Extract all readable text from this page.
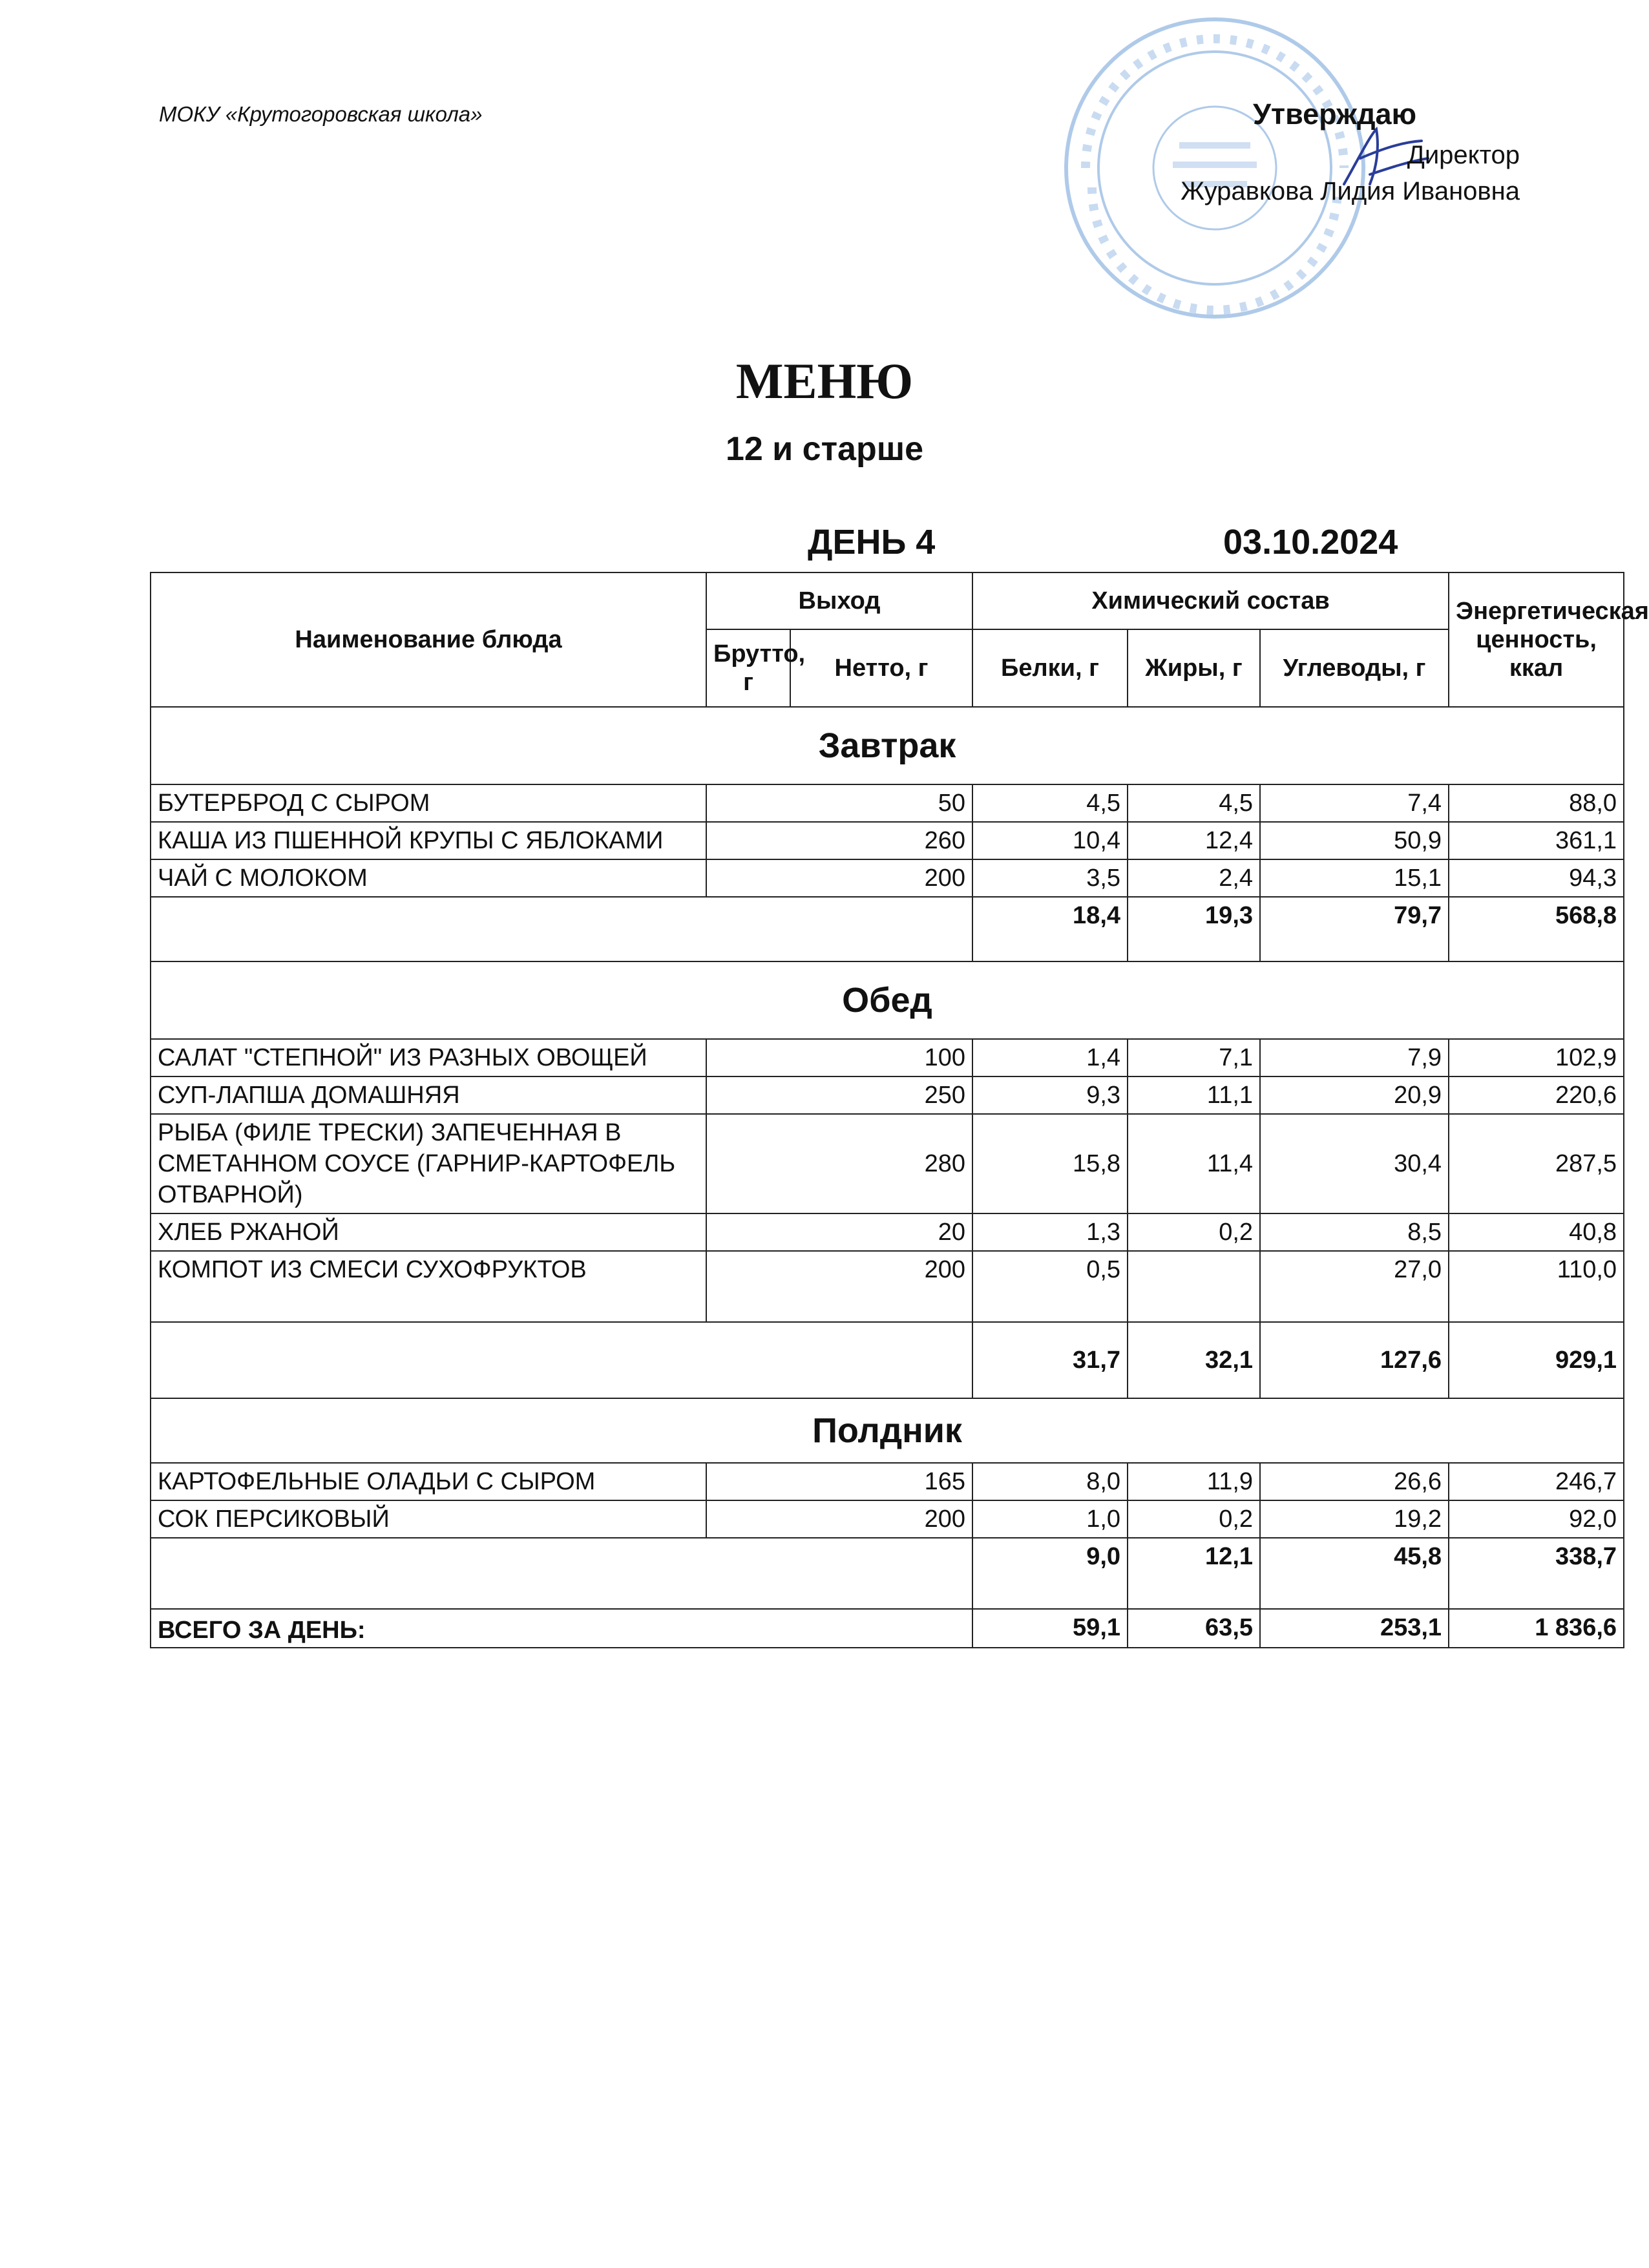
МОКУ «Крутогоровская школа»	Утверждаю
Директор
Журавкова Лидия Ивановна
МЕНЮ
12 и старше
ДЕНЬ 4	03.10.2024
Наименование блюда	Выход		Химический состав			Энергетическая ценность, ккал
	Брутто, г	Нетто, г	Белки, г	Жиры, г	Углеводы, г	
Завтрак						
БУТЕРБРОД С СЫРОМ	50		4,5	4,5	7,4	88,0
КАША ИЗ ПШЕННОЙ КРУПЫ С ЯБЛОКАМИ	260		10,4	12,4	50,9	361,1
ЧАЙ С МОЛОКОМ	200		3,5	2,4	15,1	94,3
			18,4	19,3	79,7	568,8
Обед						
САЛАТ "СТЕПНОЙ" ИЗ РАЗНЫХ ОВОЩЕЙ	100		1,4	7,1	7,9	102,9
СУП-ЛАПША ДОМАШНЯЯ	250		9,3	11,1	20,9	220,6
РЫБА (ФИЛЕ ТРЕСКИ) ЗАПЕЧЕННАЯ В СМЕТАННОМ СОУСЕ (ГАРНИР-КАРТОФЕЛЬ ОТВАРНОЙ)	280		15,8	11,4	30,4	287,5
ХЛЕБ РЖАНОЙ	20		1,3	0,2	8,5	40,8
КОМПОТ ИЗ СМЕСИ СУХОФРУКТОВ	200		0,5		27,0	110,0
			31,7	32,1	127,6	929,1
Полдник						
КАРТОФЕЛЬНЫЕ ОЛАДЬИ С СЫРОМ	165		8,0	11,9	26,6	246,7
СОК ПЕРСИКОВЫЙ	200		1,0	0,2	19,2	92,0
			9,0	12,1	45,8	338,7
ВСЕГО ЗА ДЕНЬ:			59,1	63,5	253,1	1 836,6
